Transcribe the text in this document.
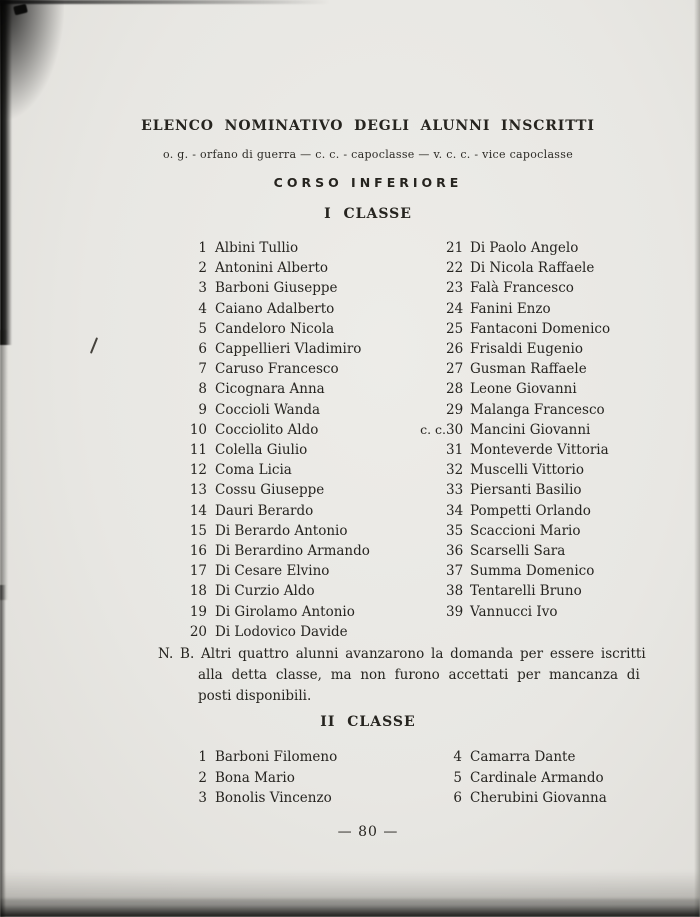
ELENCO NOMINATIVO DEGLI ALUNNI INSCRITTI
o. g. - orfano di guerra — c. c. - capoclasse — v. c. c. - vice capoclasse
CORSO INFERIORE
I CLASSE
1 Albini Tullio
2 Antonini Alberto
3 Barboni Giuseppe
4 Caiano Adalberto
5 Candeloro Nicola
6 Cappellieri Vladimiro
7 Caruso Francesco
8 Cicognara Anna
9 Coccioli Wanda
10 Cocciolito Aldo
11 Colella Giulio
12 Coma Licia
13 Cossu Giuseppe
14 Dauri Berardo
15 Di Berardo Antonio
16 Di Berardino Armando
17 Di Cesare Elvino
18 Di Curzio Aldo
19 Di Girolamo Antonio
20 Di Lodovico Davide
21 Di Paolo Angelo
22 Di Nicola Raffaele
23 Falà Francesco
24 Fanini Enzo
25 Fantaconi Domenico
26 Frisaldi Eugenio
27 Gusman Raffaele
28 Leone Giovanni
29 Malanga Francesco
c. c. 30 Mancini Giovanni
31 Monteverde Vittoria
32 Muscelli Vittorio
33 Piersanti Basilio
34 Pompetti Orlando
35 Scaccioni Mario
36 Scarselli Sara
37 Summa Domenico
38 Tentarelli Bruno
39 Vannucci Ivo
N. B. Altri quattro alunni avanzarono la domanda per essere iscritti
alla detta classe, ma non furono accettati per mancanza di
posti disponibili.
II CLASSE
1 Barboni Filomeno
2 Bona Mario
3 Bonolis Vincenzo
4 Camarra Dante
5 Cardinale Armando
6 Cherubini Giovanna
— 80 —
